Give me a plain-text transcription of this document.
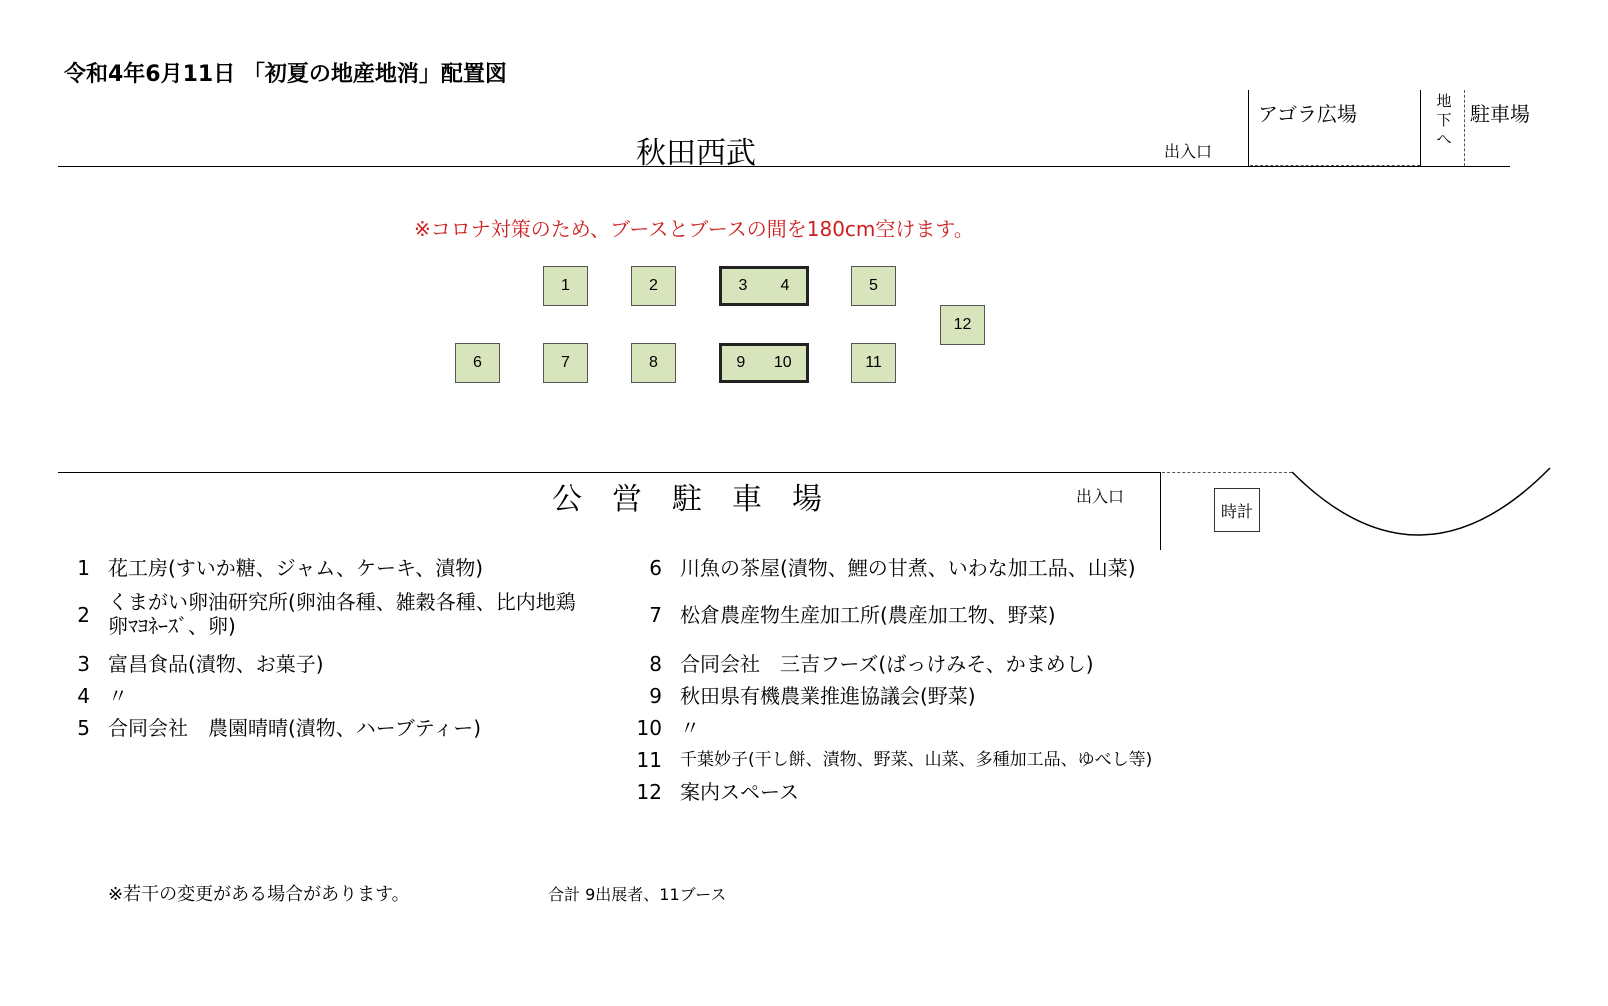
令和4年6月11日 「初夏の地産地消」配置図
秋田西武	出入口
アゴラ広場
地
下
へ
駐車場
※コロナ対策のため、ブースとブースの間を180cm空けます。
1	2	3 4	5
12
6	7	8	9 10	11
公　営　駐　車　場	出入口
時計
1 花工房(すいか糖、ジャム、ケーキ、漬物)
2
くまがい卵油研究所(卵油各種、雑穀各種、比内地鶏卵ﾏﾖﾈｰｽﾞ、卵)
3 富昌食品(漬物、お菓子)
4 〃
5 合同会社　農園晴晴(漬物、ハーブティー)
6 川魚の茶屋(漬物、鯉の甘煮、いわな加工品、山菜)
7 松倉農産物生産加工所(農産加工物、野菜)
8 合同会社　三吉フーズ(ばっけみそ、かまめし)
9 秋田県有機農業推進協議会(野菜)
10 〃
11 千葉妙子(干し餅、漬物、野菜、山菜、多種加工品、ゆべし等)
12 案内スペース
※若干の変更がある場合があります。	合計 9出展者、11ブース
